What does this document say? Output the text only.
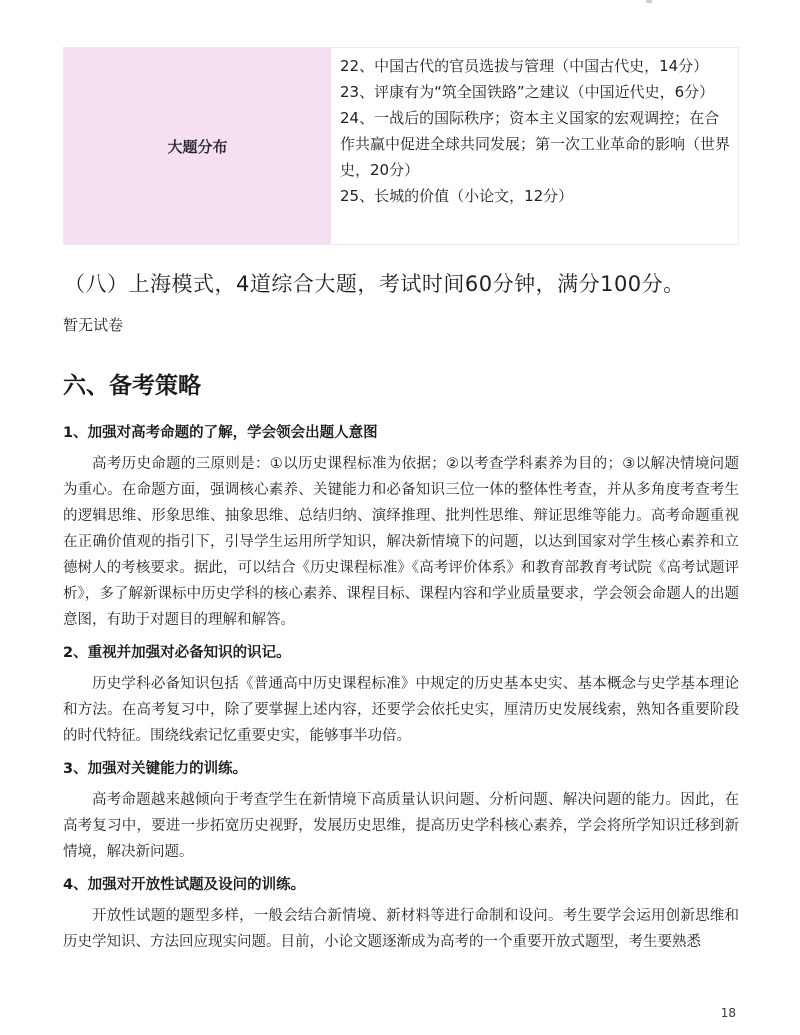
大题分布
22、中国古代的官员选拔与管理（中国古代史，14分）
23、评康有为“筑全国铁路”之建议（中国近代史，6分）
24、一战后的国际秩序；资本主义国家的宏观调控；在合作共赢中促进全球共同发展；第一次工业革命的影响（世界史，20分）
25、长城的价值（小论文，12分）
（八）上海模式，4道综合大题，考试时间60分钟，满分100分。
暂无试卷
六、备考策略

1、加强对高考命题的了解，学会领会出题人意图

高考历史命题的三原则是：①以历史课程标准为依据；②以考查学科素养为目的；③以解决情境问题为重心。在命题方面，强调核心素养、关键能力和必备知识三位一体的整体性考查，并从多角度考查考生的逻辑思维、形象思维、抽象思维、总结归纳、演绎推理、批判性思维、辩证思维等能力。高考命题重视在正确价值观的指引下，引导学生运用所学知识，解决新情境下的问题，以达到国家对学生核心素养和立德树人的考核要求。据此，可以结合《历史课程标准》《高考评价体系》和教育部教育考试院《高考试题评析》，多了解新课标中历史学科的核心素养、课程目标、课程内容和学业质量要求，学会领会命题人的出题意图，有助于对题目的理解和解答。

2、重视并加强对必备知识的识记。

历史学科必备知识包括《普通高中历史课程标准》中规定的历史基本史实、基本概念与史学基本理论和方法。在高考复习中，除了要掌握上述内容，还要学会依托史实，厘清历史发展线索，熟知各重要阶段的时代特征。围绕线索记忆重要史实，能够事半功倍。

3、加强对关键能力的训练。

高考命题越来越倾向于考查学生在新情境下高质量认识问题、分析问题、解决问题的能力。因此，在高考复习中，要进一步拓宽历史视野，发展历史思维，提高历史学科核心素养，学会将所学知识迁移到新情境，解决新问题。

4、加强对开放性试题及设问的训练。

开放性试题的题型多样，一般会结合新情境、新材料等进行命制和设问。考生要学会运用创新思维和历史学知识、方法回应现实问题。目前，小论文题逐渐成为高考的一个重要开放式题型，考生要熟悉

18
